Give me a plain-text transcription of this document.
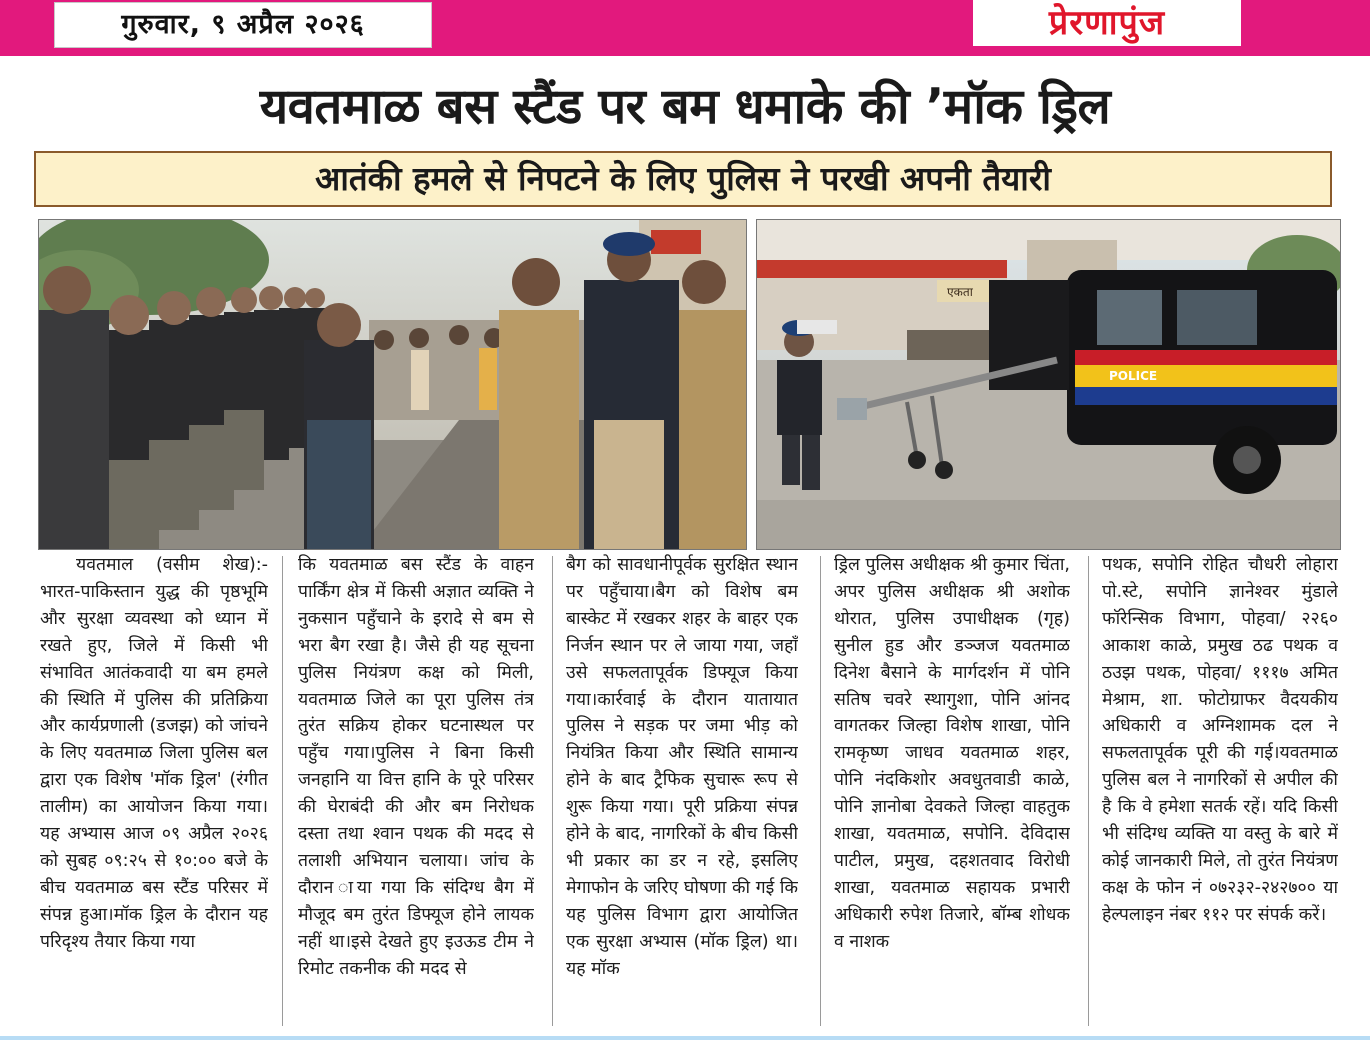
गुरुवार, ९ अप्रैल २०२६	प्रेरणापुंज
यवतमाळ बस स्टैंड पर बम धमाके की ’मॉक ड्रिल
आतंकी हमले से निपटने के लिए पुलिस ने परखी अपनी तैयारी
POLICE
एकता
यवतमाल (वसीम शेख):- भारत-पाकिस्तान युद्ध की पृष्ठभूमि और सुरक्षा व्यवस्था को ध्यान में रखते हुए, जिले में किसी भी संभावित आतंकवादी या बम हमले की स्थिति में पुलिस की प्रतिक्रिया और कार्यप्रणाली (डजझ) को जांचने के लिए यवतमाळ जिला पुलिस बल द्वारा एक विशेष 'मॉक ड्रिल' (रंगीत तालीम) का आयोजन किया गया। यह अभ्यास आज ०९ अप्रैल २०२६ को सुबह ०९:२५ से १०:०० बजे के बीच यवतमाळ बस स्टैंड परिसर में संपन्न हुआ।मॉक ड्रिल के दौरान यह परिदृश्य तैयार किया गया
कि यवतमाळ बस स्टैंड के वाहन पार्किंग क्षेत्र में किसी अज्ञात व्यक्ति ने नुकसान पहुँचाने के इरादे से बम से भरा बैग रखा है। जैसे ही यह सूचना पुलिस नियंत्रण कक्ष को मिली, यवतमाळ जिले का पूरा पुलिस तंत्र तुरंत सक्रिय होकर घटनास्थल पर पहुँच गया।पुलिस ने बिना किसी जनहानि या वित्त हानि के पूरे परिसर की घेराबंदी की और बम निरोधक दस्ता तथा श्वान पथक की मदद से तलाशी अभियान चलाया। जांच के दौरान ाया गया कि संदिग्ध बैग में मौजूद बम तुरंत डिफ्यूज होने लायक नहीं था।इसे देखते हुए इउऊड टीम ने रिमोट तकनीक की मदद से
बैग को सावधानीपूर्वक सुरक्षित स्थान पर पहुँचाया।बैग को विशेष बम बास्केट में रखकर शहर के बाहर एक निर्जन स्थान पर ले जाया गया, जहाँ उसे सफलतापूर्वक डिफ्यूज किया गया।कार्रवाई के दौरान यातायात पुलिस ने सड़क पर जमा भीड़ को नियंत्रित किया और स्थिति सामान्य होने के बाद ट्रैफिक सुचारू रूप से शुरू किया गया। पूरी प्रक्रिया संपन्न होने के बाद, नागरिकों के बीच किसी भी प्रकार का डर न रहे, इसलिए मेगाफोन के जरिए घोषणा की गई कि यह पुलिस विभाग द्वारा आयोजित एक सुरक्षा अभ्यास (मॉक ड्रिल) था।यह मॉक
ड्रिल पुलिस अधीक्षक श्री कुमार चिंता, अपर पुलिस अधीक्षक श्री अशोक थोरात, पुलिस उपाधीक्षक (गृह) सुनील हुड और डञ्जज यवतमाळ दिनेश बैसाने के मार्गदर्शन में पोनि सतिष चवरे स्थागुशा, पोनि आंनद वागतकर जिल्हा विशेष शाखा, पोनि रामकृष्ण जाधव यवतमाळ शहर, पोनि नंदकिशोर अवधुतवाडी काळे, पोनि ज्ञानोबा देवकते जिल्हा वाहतुक शाखा, यवतमाळ, सपोनि. देविदास पाटील, प्रमुख, दहशतवाद विरोधी शाखा, यवतमाळ सहायक प्रभारी अधिकारी रुपेश तिजारे, बॉम्ब शोधक व नाशक
पथक, सपोनि रोहित चौधरी लोहारा पो.स्टे, सपोनि ज्ञानेश्वर मुंडाले फॉरेन्सिक विभाग, पोहवा/ २२६० आकाश काळे, प्रमुख ठढ पथक व ठउझ पथक, पोहवा/ १११७ अमित मेश्राम, शा. फोटोग्राफर वैदयकीय अधिकारी व अग्निशामक दल ने सफलतापूर्वक पूरी की गई।यवतमाळ पुलिस बल ने नागरिकों से अपील की है कि वे हमेशा सतर्क रहें। यदि किसी भी संदिग्ध व्यक्ति या वस्तु के बारे में कोई जानकारी मिले, तो तुरंत नियंत्रण कक्ष के फोन नं ०७२३२-२४२७०० या हेल्पलाइन नंबर ११२ पर संपर्क करें।
